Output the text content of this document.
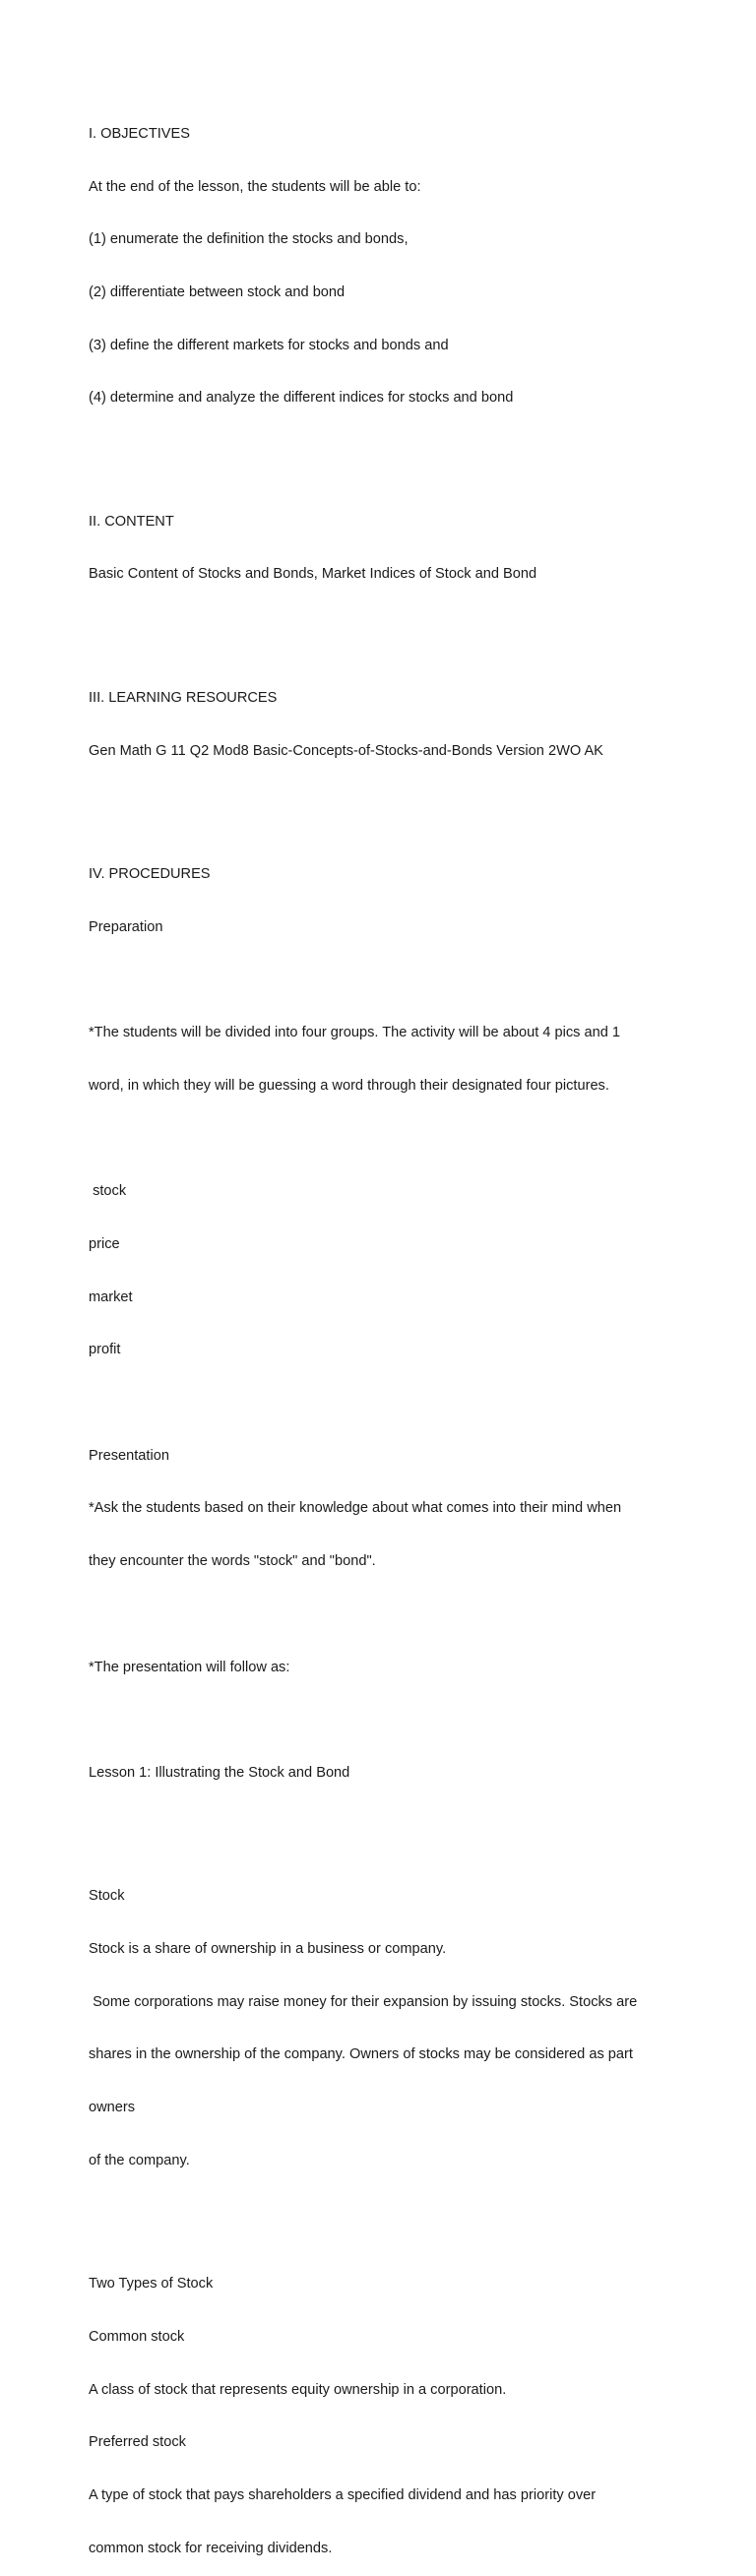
I. OBJECTIVES

At the end of the lesson, the students will be able to:

(1) enumerate the definition the stocks and bonds,

(2) differentiate between stock and bond

(3) define the different markets for stocks and bonds and

(4) determine and analyze the different indices for stocks and bond

II. CONTENT

Basic Content of Stocks and Bonds, Market Indices of Stock and Bond

III. LEARNING RESOURCES

Gen Math G 11 Q2 Mod8 Basic-Concepts-of-Stocks-and-Bonds Version 2WO AK

IV. PROCEDURES

Preparation

*The students will be divided into four groups. The activity will be about 4 pics and 1

word, in which they will be guessing a word through their designated four pictures.

stock

price

market

profit

Presentation

*Ask the students based on their knowledge about what comes into their mind when

they encounter the words "stock" and "bond".

*The presentation will follow as:

Lesson 1: Illustrating the Stock and Bond

Stock

Stock is a share of ownership in a business or company.

Some corporations may raise money for their expansion by issuing stocks. Stocks are

shares in the ownership of the company. Owners of stocks may be considered as part

owners

of the company.

Two Types of Stock

Common stock

A class of stock that represents equity ownership in a corporation.

Preferred stock

A type of stock that pays shareholders a specified dividend and has priority over

common stock for receiving dividends.
